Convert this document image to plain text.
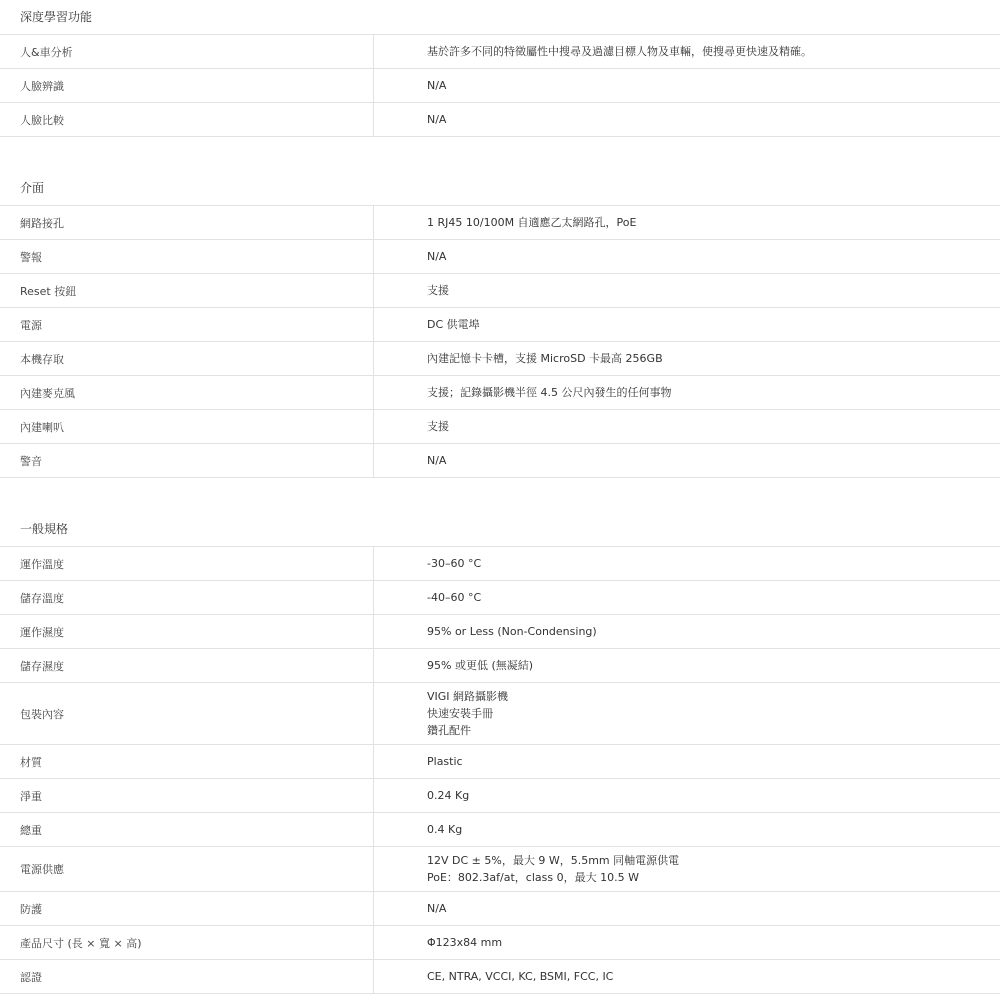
深度學習功能
人&車分析		基於許多不同的特徵屬性中搜尋及過濾目標人物及車輛，使搜尋更快速及精確。

人臉辨識		N/A

人臉比較		N/A
介面
網路接孔		1 RJ45 10/100M 自適應乙太網路孔，PoE

警報		N/A

Reset 按鈕		支援

電源		DC 供電埠

本機存取		內建記憶卡卡槽，支援 MicroSD 卡最高 256GB

內建麥克風		支援；記錄攝影機半徑 4.5 公尺內發生的任何事物

內建喇叭		支援

警音		N/A
一般規格
運作溫度		-30–60 °C

儲存溫度		-40–60 °C

運作濕度		95% or Less (Non-Condensing)

儲存濕度		95% 或更低 (無凝結)

包裝內容		VIGI 網路攝影機
快速安裝手冊
鑽孔配件

材質		Plastic

淨重		0.24 Kg

總重		0.4 Kg

電源供應		12V DC ± 5%，最大 9 W，5.5mm 同軸電源供電
PoE：802.3af/at，class 0，最大 10.5 W

防護		N/A

產品尺寸 (長 × 寬 × 高)		Φ123x84 mm

認證		CE, NTRA, VCCI, KC, BSMI, FCC, IC
